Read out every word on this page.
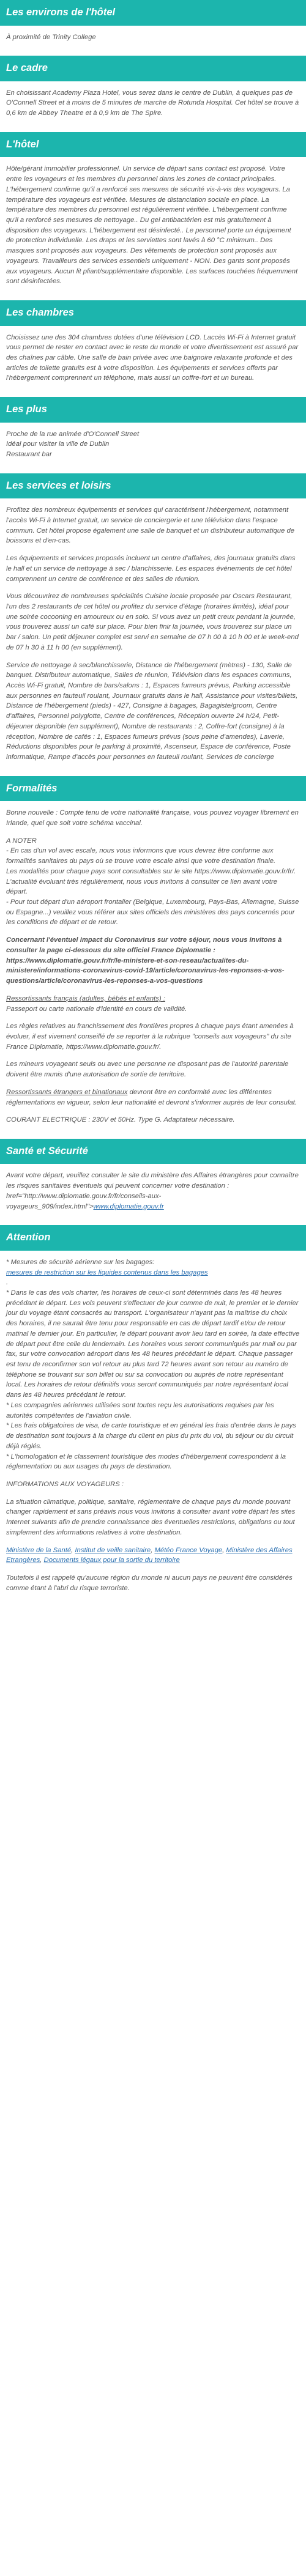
Les environs de l'hôtel
À proximité de Trinity College
Le cadre

En choisissant Academy Plaza Hotel, vous serez dans le centre de Dublin, à quelques pas de O'Connell Street et à moins de 5 minutes de marche de Rotunda Hospital. Cet hôtel se trouve à 0,6 km de Abbey Theatre et à 0,9 km de The Spire.

L'hôtel

Hôte/gérant immobilier professionnel. Un service de départ sans contact est proposé. Votre entre les voyageurs et les membres du personnel dans les zones de contact principales. L'hébergement confirme qu'il a renforcé ses mesures de sécurité vis-à-vis des voyageurs. La température des voyageurs est vérifiée. Mesures de distanciation sociale en place. La température des membres du personnel est régulièrement vérifiée. L'hébergement confirme qu'il a renforcé ses mesures de nettoyage.. Du gel antibactérien est mis gratuitement à disposition des voyageurs. L'hébergement est désinfecté.. Le personnel porte un équipement de protection individuelle. Les draps et les serviettes sont lavés à 60 °C minimum.. Des masques sont proposés aux voyageurs. Des vêtements de protection sont proposés aux voyageurs. Travailleurs des services essentiels uniquement - NON. Des gants sont proposés aux voyageurs. Aucun lit pliant/supplémentaire disponible. Les surfaces touchées fréquemment sont désinfectées.

Les chambres

Choisissez une des 304 chambres dotées d'une télévision LCD. Laccès Wi-Fi à Internet gratuit vous permet de rester en contact avec le reste du monde et votre divertissement est assuré par des chaînes par câble. Une salle de bain privée avec une baignoire relaxante profonde et des articles de toilette gratuits est à votre disposition. Les équipements et services offerts par l'hébergement comprennent un téléphone, mais aussi un coffre-fort et un bureau.

Les plus
Proche de la rue animée d'O'Connell Street
Idéal pour visiter la ville de Dublin
Restaurant bar
Les services et loisirs

Profitez des nombreux équipements et services qui caractérisent l'hébergement, notamment l'accès Wi-Fi à Internet gratuit, un service de conciergerie et une télévision dans l'espace commun. Cet hôtel propose également une salle de banquet et un distributeur automatique de boissons et d'en-cas.

Les équipements et services proposés incluent un centre d'affaires, des journaux gratuits dans le hall et un service de nettoyage à sec / blanchisserie. Les espaces événements de cet hôtel comprennent un centre de conférence et des salles de réunion.

Vous découvrirez de nombreuses spécialités Cuisine locale proposée par Oscars Restaurant, l'un des 2 restaurants de cet hôtel ou profitez du service d'étage (horaires limités), idéal pour une soirée cocooning en amoureux ou en solo. Si vous avez un petit creux pendant la journée, vous trouverez aussi un café sur place. Pour bien finir la journée, vous trouverez sur place un bar / salon. Un petit déjeuner complet est servi en semaine de 07 h 00 à 10 h 00 et le week-end de 07 h 30 à 11 h 00 (en supplément).

Service de nettoyage à sec/blanchisserie, Distance de l'hébergement (mètres) - 130, Salle de banquet. Distributeur automatique, Salles de réunion, Télévision dans les espaces communs, Accès Wi-Fi gratuit, Nombre de bars/salons : 1, Espaces fumeurs prévus, Parking accessible aux personnes en fauteuil roulant, Journaux gratuits dans le hall, Assistance pour visites/billets, Distance de l'hébergement (pieds) - 427, Consigne à bagages, Bagagiste/groom, Centre d'affaires, Personnel polyglotte, Centre de conférences, Réception ouverte 24 h/24, Petit-déjeuner disponible (en supplément), Nombre de restaurants : 2, Coffre-fort (consigne) à la réception, Nombre de cafés : 1, Espaces fumeurs prévus (sous peine d'amendes), Laverie, Réductions disponibles pour le parking à proximité, Ascenseur, Espace de conférence, Poste informatique, Rampe d'accès pour personnes en fauteuil roulant, Services de concierge

Formalités

Bonne nouvelle : Compte tenu de votre nationalité française, vous pouvez voyager librement en Irlande, quel que soit votre schéma vaccinal.

A NOTER
- En cas d'un vol avec escale, nous vous informons que vous devrez être conforme aux formalités sanitaires du pays où se trouve votre escale ainsi que votre destination finale.
Les modalités pour chaque pays sont consultables sur le site https://www.diplomatie.gouv.fr/fr/. L'actualité évoluant très régulièrement, nous vous invitons à consulter ce lien avant votre départ.
- Pour tout départ d'un aéroport frontalier (Belgique, Luxembourg, Pays-Bas, Allemagne, Suisse ou Espagne...) veuillez vous référer aux sites officiels des ministères des pays concernés pour les conditions de départ et de retour.

Concernant l'éventuel impact du Coronavirus sur votre séjour, nous vous invitons à consulter la page ci-dessous du site officiel France Diplomatie : https://www.diplomatie.gouv.fr/fr/le-ministere-et-son-reseau/actualites-du-ministere/informations-coronavirus-covid-19/article/coronavirus-les-reponses-a-vos-questions/article/coronavirus-les-reponses-a-vos-questions

Ressortissants français (adultes, bébés et enfants) :
Passeport ou carte nationale d'identité en cours de validité.

Les règles relatives au franchissement des frontières propres à chaque pays étant amenées à évoluer, il est vivement conseillé de se reporter à la rubrique "conseils aux voyageurs" du site France Diplomatie, https://www.diplomatie.gouv.fr/.

Les mineurs voyageant seuls ou avec une personne ne disposant pas de l'autorité parentale doivent être munis d'une autorisation de sortie de territoire.

Ressortissants étrangers et binationaux devront être en conformité avec les différentes réglementations en vigueur, selon leur nationalité et devront s'informer auprès de leur consulat.

COURANT ELECTRIQUE : 230V et 50Hz. Type G. Adaptateur nécessaire.

Santé et Sécurité

Avant votre départ, veuillez consulter le site du ministère des Affaires étrangères pour connaître les risques sanitaires éventuels qui peuvent concerner votre destination : href="http://www.diplomatie.gouv.fr/fr/conseils-aux-voyageurs_909/index.html">www.diplomatie.gouv.fr

Attention

* Mesures de sécurité aérienne sur les bagages:
mesures de restriction sur les liquides contenus dans les bagages
.
* Dans le cas des vols charter, les horaires de ceux-ci sont déterminés dans les 48 heures précédant le départ. Les vols peuvent s'effectuer de jour comme de nuit, le premier et le dernier jour du voyage étant consacrés au transport. L'organisateur n'ayant pas la maîtrise du choix des horaires, il ne saurait être tenu pour responsable en cas de départ tardif et/ou de retour matinal le dernier jour. En particulier, le départ pouvant avoir lieu tard en soirée, la date effective de départ peut être celle du lendemain. Les horaires vous seront communiqués par mail ou par fax, sur votre convocation aéroport dans les 48 heures précédant le départ. Chaque passager est tenu de reconfirmer son vol retour au plus tard 72 heures avant son retour au numéro de téléphone se trouvant sur son billet ou sur sa convocation ou auprès de notre représentant local. Les horaires de retour définitifs vous seront communiqués par notre représentant local dans les 48 heures précédant le retour.
* Les compagnies aériennes utilisées sont toutes reçu les autorisations requises par les autorités compétentes de l'aviation civile.
* Les frais obligatoires de visa, de carte touristique et en général les frais d'entrée dans le pays de destination sont toujours à la charge du client en plus du prix du vol, du séjour ou du circuit déjà réglés.
* L'homologation et le classement touristique des modes d'hébergement correspondent à la réglementation ou aux usages du pays de destination.

INFORMATIONS AUX VOYAGEURS :

La situation climatique, politique, sanitaire, réglementaire de chaque pays du monde pouvant changer rapidement et sans préavis nous vous invitons à consulter avant votre départ les sites Internet suivants afin de prendre connaissance des éventuelles restrictions, obligations ou tout simplement des informations relatives à votre destination.

Ministère de la Santé, Institut de veille sanitaire, Météo France Voyage, Ministère des Affaires Etrangères, Documents légaux pour la sortie du territoire

Toutefois il est rappelé qu'aucune région du monde ni aucun pays ne peuvent être considérés comme étant à l'abri du risque terroriste.
